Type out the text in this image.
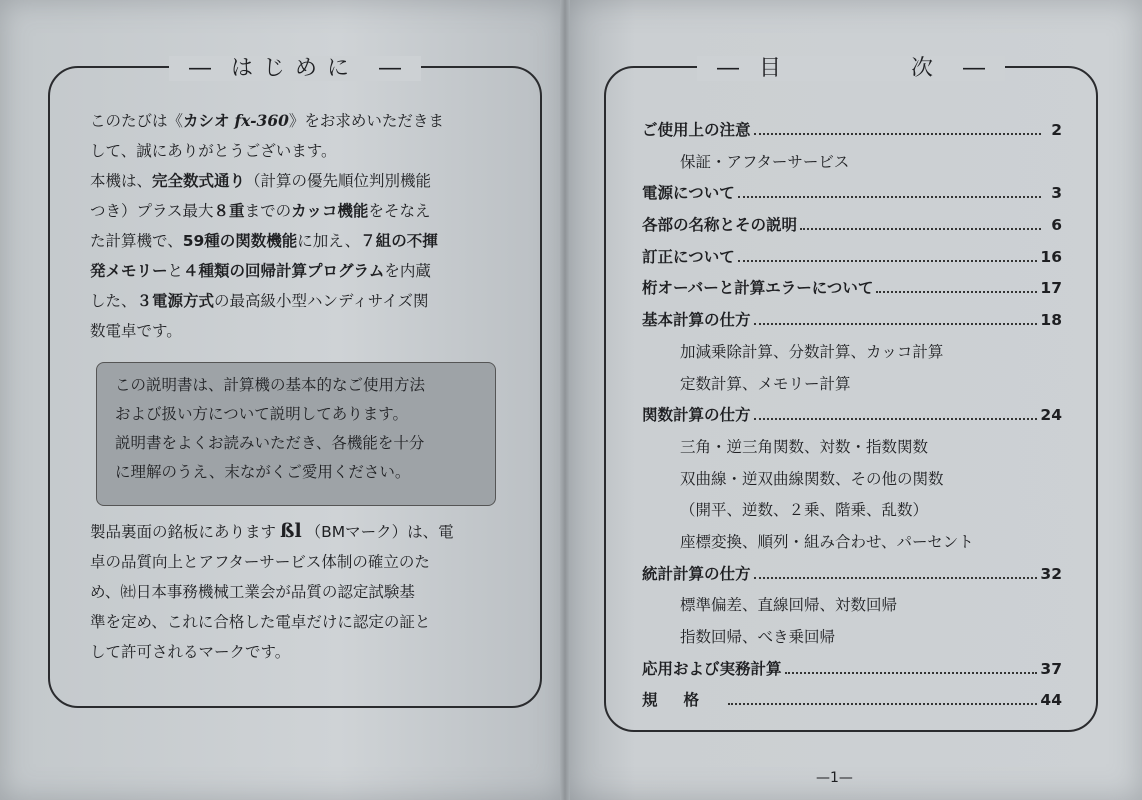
― はじめに ―

このたびは《カシオ fx-360》をお求めいただきま

して、誠にありがとうございます。

本機は、完全数式通り（計算の優先順位判別機能

つき）プラス最大８重までのカッコ機能をそなえ

た計算機で、59種の関数機能に加え、７組の不揮

発メモリーと４種類の回帰計算プログラムを内蔵

した、３電源方式の最高級小型ハンディサイズ関

数電卓です。

この説明書は、計算機の基本的なご使用方法
および扱い方について説明してあります。
説明書をよくお読みいただき、各機能を十分
に理解のうえ、末ながくご愛用ください。

製品裏面の銘板にあります ßl （BMマーク）は、電

卓の品質向上とアフターサービス体制の確立のた

め、㈳日本事務機械工業会が品質の認定試験基

準を定め、これに合格した電卓だけに認定の証と

して許可されるマークです。

― 目	次 ―
ご使用上の注意	2
保証・アフターサービス
電源について	3
各部の名称とその説明	6
訂正について	16
桁オーバーと計算エラーについて	17
基本計算の仕方	18
加減乗除計算、分数計算、カッコ計算
定数計算、メモリー計算
関数計算の仕方	24
三角・逆三角関数、対数・指数関数
双曲線・逆双曲線関数、その他の関数
（開平、逆数、２乗、階乗、乱数）
座標変換、順列・組み合わせ、パーセント
統計計算の仕方	32
標準偏差、直線回帰、対数回帰
指数回帰、べき乗回帰
応用および実務計算	37
規格	44
—1—
